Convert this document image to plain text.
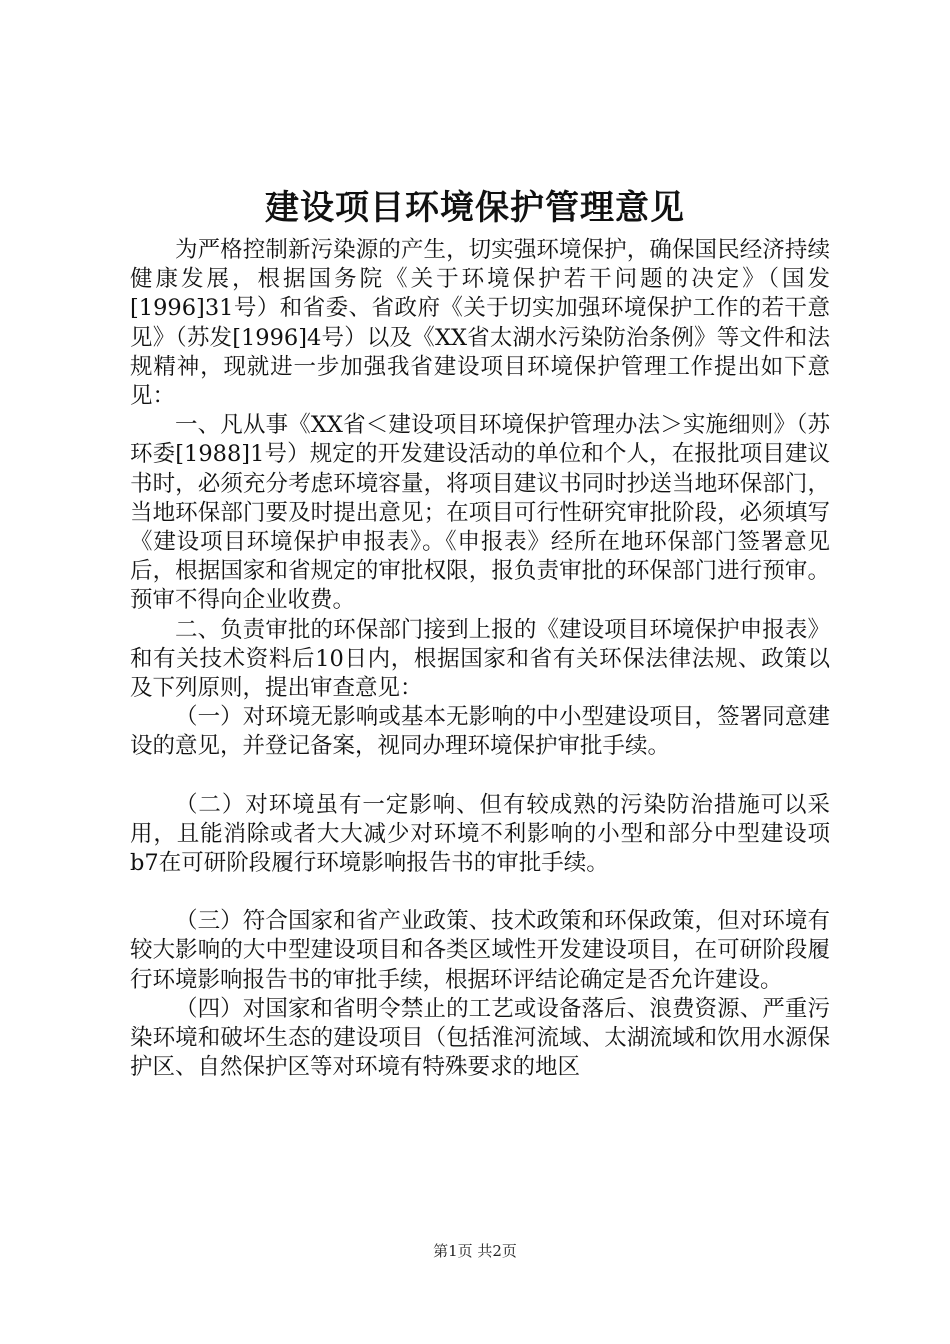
建设项目环境保护管理意见

为严格控制新污染源的产生，切实强环境保护，确保国民经济持续健康发展，根据国务院《关于环境保护若干问题的决定》（国发[1996]31号）和省委、省政府《关于切实加强环境保护工作的若干意见》（苏发[1996]4号）以及《XX省太湖水污染防治条例》等文件和法规精神，现就进一步加强我省建设项目环境保护管理工作提出如下意见：

一、凡从事《XX省＜建设项目环境保护管理办法＞实施细则》（苏环委[1988]1号）规定的开发建设活动的单位和个人，在报批项目建议书时，必须充分考虑环境容量，将项目建议书同时抄送当地环保部门，当地环保部门要及时提出意见；在项目可行性研究审批阶段，必须填写《建设项目环境保护申报表》。《申报表》经所在地环保部门签署意见后，根据国家和省规定的审批权限，报负责审批的环保部门进行预审。预审不得向企业收费。

二、负责审批的环保部门接到上报的《建设项目环境保护申报表》和有关技术资料后10日内，根据国家和省有关环保法律法规、政策以及下列原则，提出审查意见：

（一）对环境无影响或基本无影响的中小型建设项目，签署同意建设的意见，并登记备案，视同办理环境保护审批手续。

（二）对环境虽有一定影响、但有较成熟的污染防治措施可以采用，且能消除或者大大减少对环境不利影响的小型和部分中型建设项b7在可研阶段履行环境影响报告书的审批手续。

（三）符合国家和省产业政策、技术政策和环保政策，但对环境有较大影响的大中型建设项目和各类区域性开发建设项目，在可研阶段履行环境影响报告书的审批手续，根据环评结论确定是否允许建设。

（四）对国家和省明令禁止的工艺或设备落后、浪费资源、严重污染环境和破坏生态的建设项目（包括淮河流域、太湖流域和饮用水源保护区、自然保护区等对环境有特殊要求的地区

第1页 共2页
